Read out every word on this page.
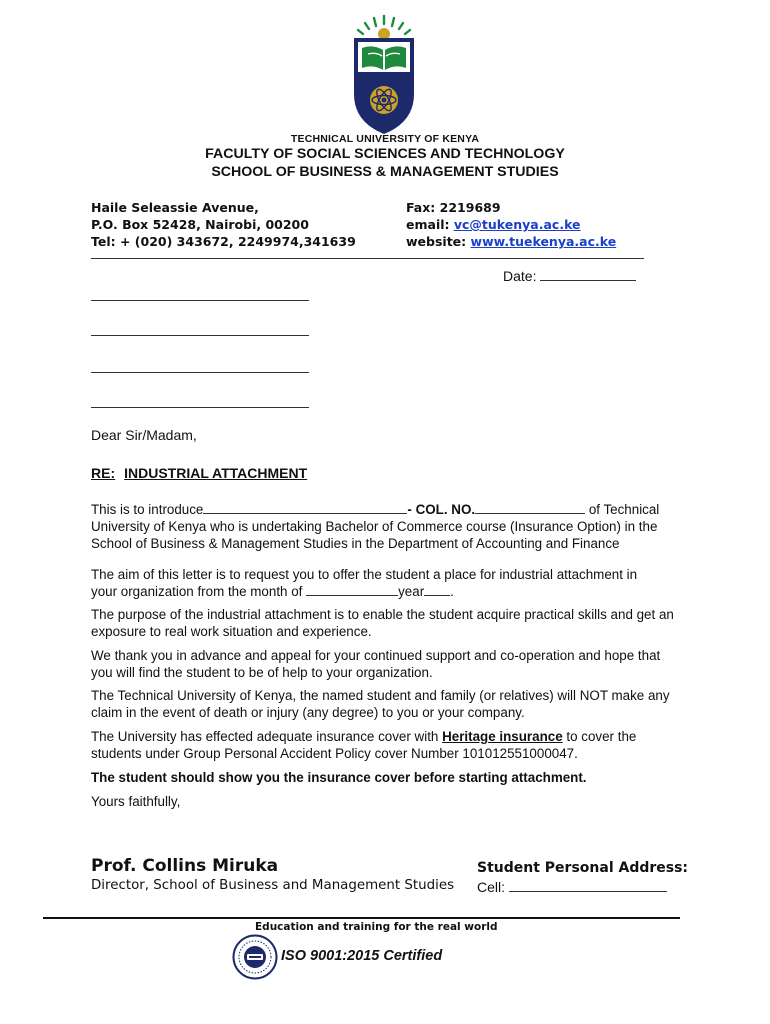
TECHNICAL UNIVERSITY OF KENYA
FACULTY OF SOCIAL SCIENCES AND TECHNOLOGY
SCHOOL OF BUSINESS & MANAGEMENT STUDIES
Haile Seleassie Avenue,
P.O. Box 52428, Nairobi, 00200
Tel: + (020) 343672, 2249974,341639
Fax: 2219689
email: vc@tukenya.ac.ke
website: www.tuekenya.ac.ke
Date:
Dear Sir/Madam,
RE: INDUSTRIAL ATTACHMENT
This is to introduce	- COL. NO.	of Technical
University of Kenya who is undertaking Bachelor of Commerce course (Insurance Option) in the
School of Business & Management Studies in the Department of Accounting and Finance
The aim of this letter is to request you to offer the student a place for industrial attachment in
your organization from the month of	year .
The purpose of the industrial attachment is to enable the student acquire practical skills and get an exposure to real work situation and experience.
We thank you in advance and appeal for your continued support and co-operation and hope that you will find the student to be of help to your organization.
The Technical University of Kenya, the named student and family (or relatives) will NOT make any claim in the event of death or injury (any degree) to you or your company.
The University has effected adequate insurance cover with Heritage insurance to cover the
students under Group Personal Accident Policy cover Number 101012551000047.
The student should show you the insurance cover before starting attachment.
Yours faithfully,
Prof. Collins Miruka
Director, School of Business and Management Studies
Student Personal Address:
Cell:
Education and training for the real world
ISO 9001:2015 Certified
